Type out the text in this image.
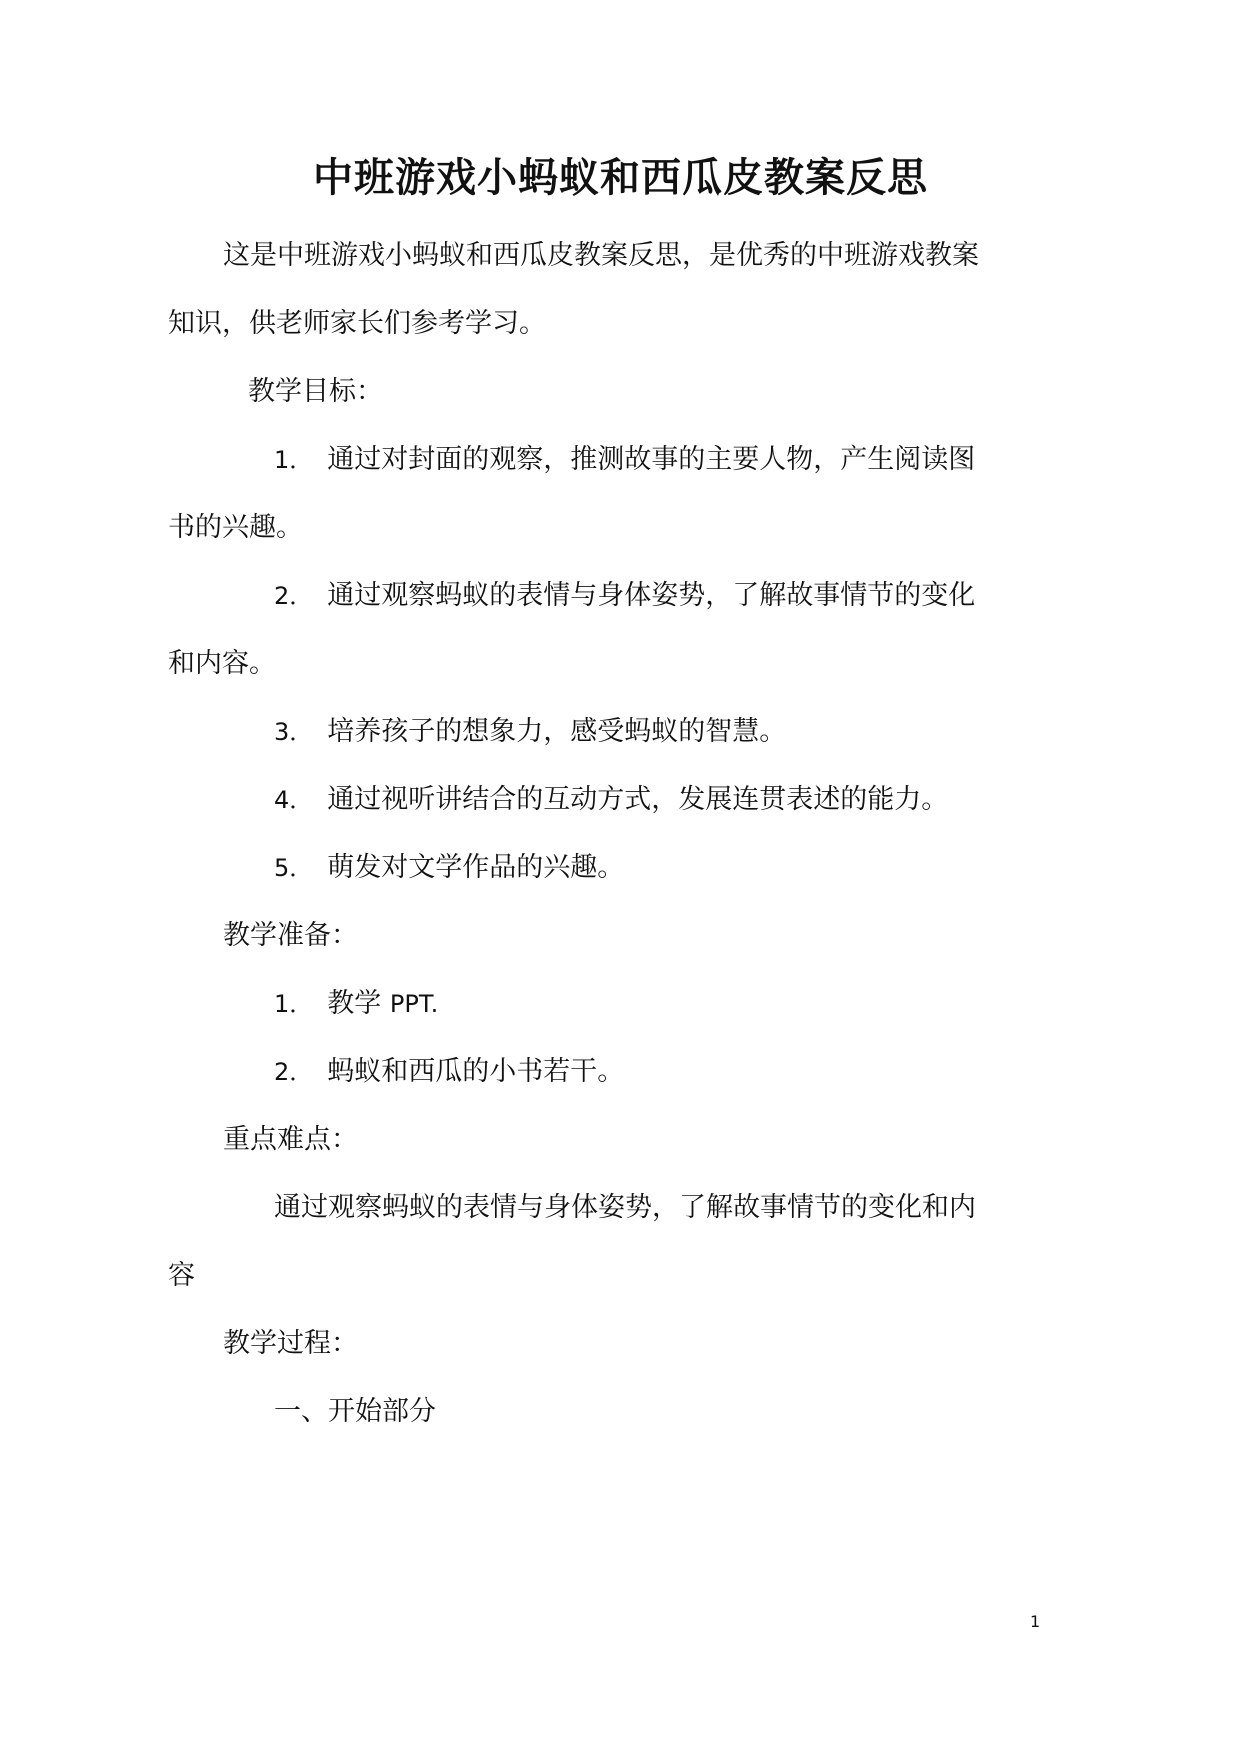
中班游戏小蚂蚁和西瓜皮教案反思
这是中班游戏小蚂蚁和西瓜皮教案反思，是优秀的中班游戏教案
知识，供老师家长们参考学习。
教学目标：
1． 通过对封面的观察，推测故事的主要人物，产生阅读图
书的兴趣。
2． 通过观察蚂蚁的表情与身体姿势，了解故事情节的变化
和内容。
3． 培养孩子的想象力，感受蚂蚁的智慧。
4． 通过视听讲结合的互动方式，发展连贯表述的能力。
5． 萌发对文学作品的兴趣。
教学准备：
1． 教学 PPT.
2． 蚂蚁和西瓜的小书若干。
重点难点：
通过观察蚂蚁的表情与身体姿势，了解故事情节的变化和内
容
教学过程：
一、开始部分
1
